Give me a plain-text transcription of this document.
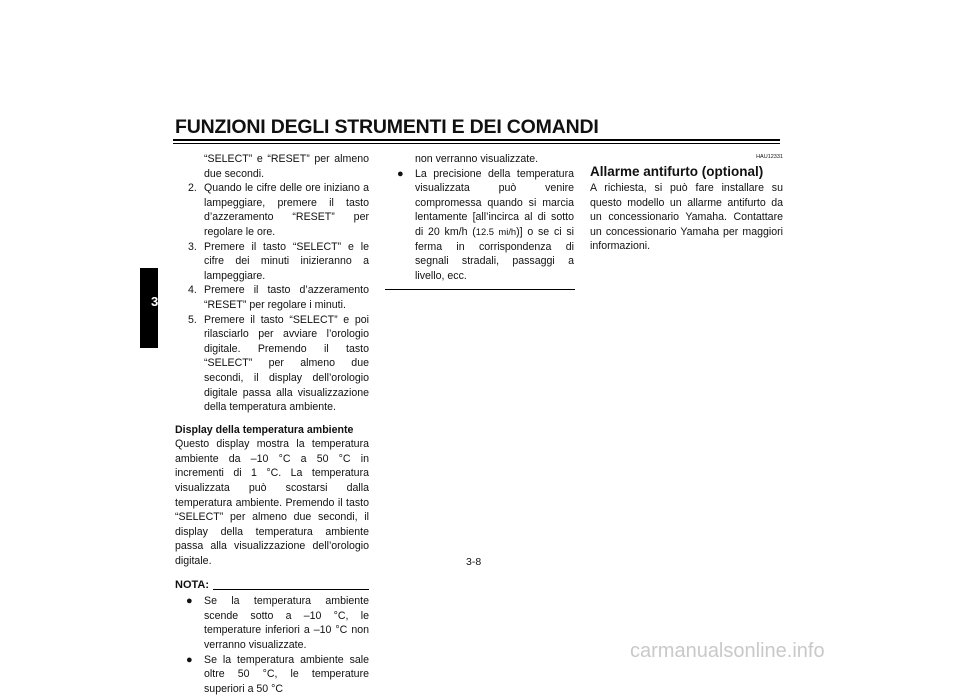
FUNZIONI DEGLI STRUMENTI E DEI COMANDI
3

“SELECT” e “RESET” per almeno due secondi.

2. Quando le cifre delle ore iniziano a lampeggiare, premere il tasto d’azzeramento “RESET” per regolare le ore.
3. Premere il tasto “SELECT” e le cifre dei minuti inizieranno a lampeggiare.
4. Premere il tasto d’azzeramento “RESET” per regolare i minuti.
5. Premere il tasto “SELECT” e poi rilasciarlo per avviare l’orologio digitale. Premendo il tasto “SELECT” per almeno due secondi, il display dell’orologio digitale passa alla visualizzazione della temperatura ambiente.

Display della temperatura ambiente

Questo display mostra la temperatura ambiente da –10 °C a 50 °C in incrementi di 1 °C. La temperatura visualizzata può scostarsi dalla temperatura ambiente. Premendo il tasto “SELECT” per almeno due secondi, il display della temperatura ambiente passa alla visualizzazione dell’orologio digitale.

NOTA:
● Se la temperatura ambiente scende sotto a –10 °C, le temperature inferiori a –10 °C non verranno visualizzate.
● Se la temperatura ambiente sale oltre 50 °C, le temperature superiori a 50 °C

non verranno visualizzate.

● La precisione della temperatura visualizzata può venire compromessa quando si marcia lentamente [all’incirca al di sotto di 20 km/h (12.5 mi/h)] o se ci si ferma in corrispondenza di segnali stradali, passaggi a livello, ecc.
HAU12331
Allarme antifurto (optional)

A richiesta, si può fare installare su questo modello un allarme antifurto da un concessionario Yamaha. Contattare un concessionario Yamaha per maggiori informazioni.

3-8
carmanualsonline.info
